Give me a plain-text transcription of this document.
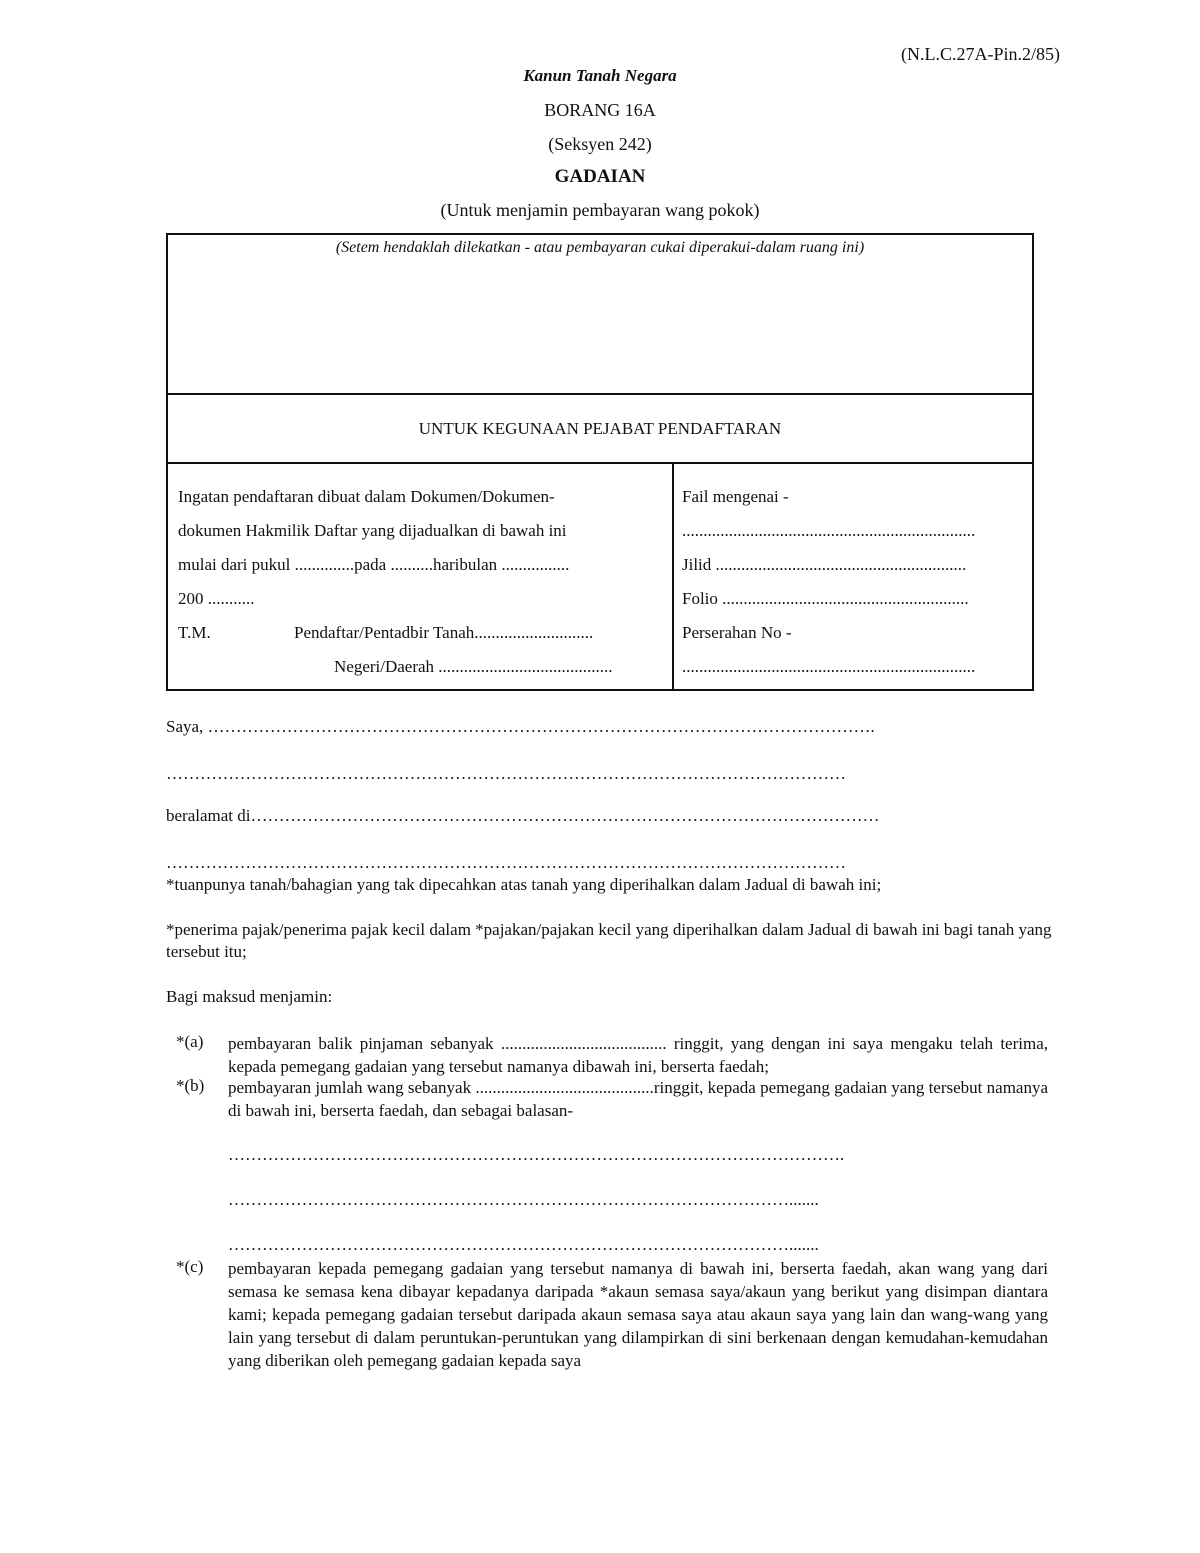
(N.L.C.27A-Pin.2/85)
Kanun Tanah Negara
BORANG 16A
(Seksyen 242)
GADAIAN
(Untuk menjamin pembayaran wang pokok)
(Setem hendaklah dilekatkan - atau pembayaran cukai diperakui-dalam ruang ini)
UNTUK KEGUNAAN PEJABAT PENDAFTARAN
Ingatan pendaftaran dibuat dalam Dokumen/Dokumen-
dokumen Hakmilik Daftar yang dijadualkan di bawah ini
mulai dari pukul ..............pada ..........haribulan ................
200 ...........
T.M.	Pendaftar/Pentadbir Tanah............................
Negeri/Daerah .........................................
Fail mengenai -
.....................................................................
Jilid ...........................................................
Folio ..........................................................
Perserahan No -
.....................................................................
Saya, ……………………………………………………………………………………………………….
…………………………………………………………………………………………………………
beralamat di…………………………………………………………………………………………………
…………………………………………………………………………………………………………
*tuanpunya tanah/bahagian yang tak dipecahkan atas tanah yang diperihalkan dalam Jadual di bawah ini;
*penerima pajak/penerima pajak kecil dalam *pajakan/pajakan kecil yang diperihalkan dalam Jadual di bawah ini bagi tanah yang tersebut itu;
Bagi maksud menjamin:
*(a) pembayaran balik pinjaman sebanyak ....................................... ringgit, yang dengan ini saya mengaku telah terima, kepada pemegang gadaian yang tersebut namanya dibawah ini, berserta faedah;
*(b) pembayaran jumlah wang sebanyak ..........................................ringgit, kepada pemegang gadaian yang tersebut namanya di bawah ini, berserta faedah, dan sebagai balasan-
……………………………………………………………………………………………….
……………………………………………………………………………………….......
……………………………………………………………………………………….......
*(c) pembayaran kepada pemegang gadaian yang tersebut namanya di bawah ini, berserta faedah, akan wang yang dari semasa ke semasa kena dibayar kepadanya daripada *akaun semasa saya/akaun yang berikut yang disimpan diantara kami; kepada pemegang gadaian tersebut daripada akaun semasa saya atau akaun saya yang lain dan wang-wang yang lain yang tersebut di dalam peruntukan-peruntukan yang dilampirkan di sini berkenaan dengan kemudahan-kemudahan yang diberikan oleh pemegang gadaian kepada saya
